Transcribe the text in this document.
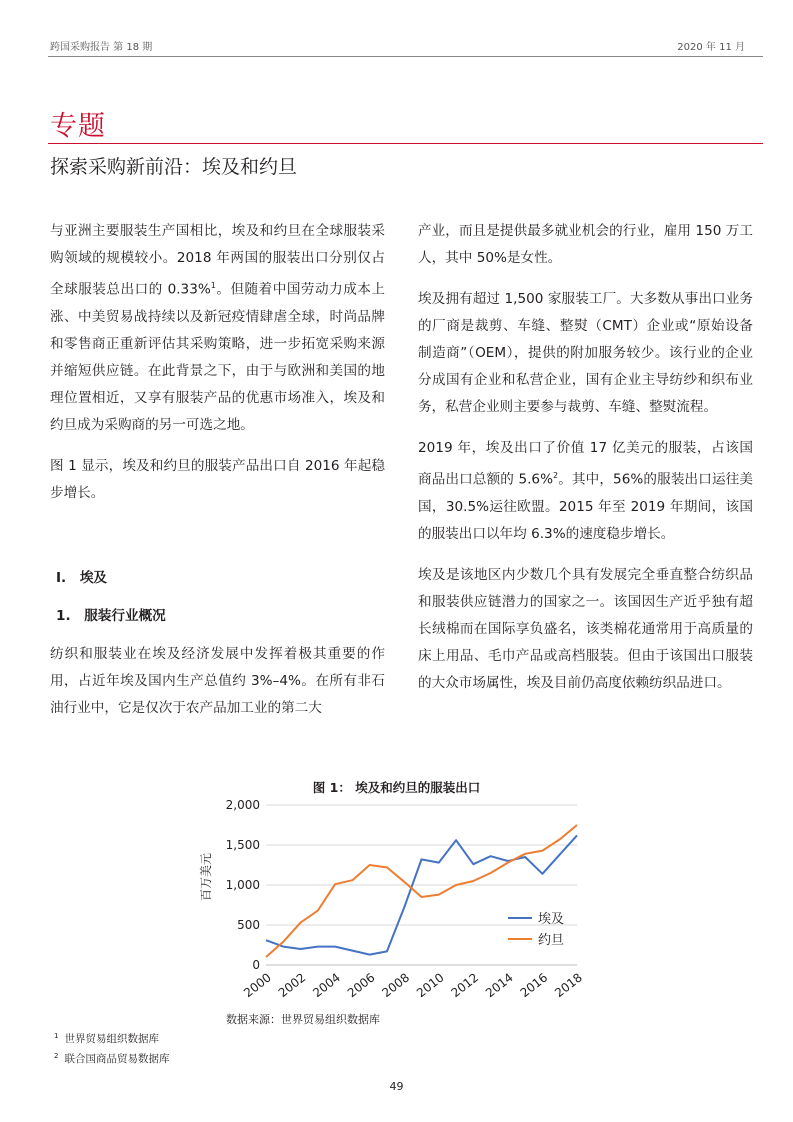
跨国采购报告 第 18 期	2020 年 11 月
专题
探索采购新前沿：埃及和约旦

与亚洲主要服装生产国相比，埃及和约旦在全球服装采购领域的规模较小。2018 年两国的服装出口分别仅占全球服装总出口的 0.33%$^1$。但随着中国劳动力成本上涨、中美贸易战持续以及新冠疫情肆虐全球，时尚品牌和零售商正重新评估其采购策略，进一步拓宽采购来源并缩短供应链。在此背景之下，由于与欧洲和美国的地理位置相近，又享有服装产品的优惠市场准入，埃及和约旦成为采购商的另一可选之地。

图 1 显示，埃及和约旦的服装产品出口自 2016 年起稳步增长。

I.　埃及
1.　服装行业概况

纺织和服装业在埃及经济发展中发挥着极其重要的作用，占近年埃及国内生产总值约 3%–4%。在所有非石油行业中，它是仅次于农产品加工业的第二大

产业，而且是提供最多就业机会的行业，雇用 150 万工人，其中 50%是女性。

埃及拥有超过 1,500 家服装工厂。大多数从事出口业务的厂商是裁剪、车缝、整熨（CMT）企业或“原始设备制造商”（OEM），提供的附加服务较少。该行业的企业分成国有企业和私营企业，国有企业主导纺纱和织布业务，私营企业则主要参与裁剪、车缝、整熨流程。

2019 年，埃及出口了价值 17 亿美元的服装，占该国商品出口总额的 5.6%$^2$。其中，56%的服装出口运往美国，30.5%运往欧盟。2015 年至 2019 年期间，该国的服装出口以年均 6.3%的速度稳步增长。

埃及是该地区内少数几个具有发展完全垂直整合纺织品和服装供应链潜力的国家之一。该国因生产近乎独有超长绒棉而在国际享负盛名，该类棉花通常用于高质量的床上用品、毛巾产品或高档服装。但由于该国出口服装的大众市场属性，埃及目前仍高度依赖纺织品进口。

图 1： 埃及和约旦的服装出口
0
500
1,000
1,500
2,000
2000 2002 2004 2006 2008 2010 2012 2014 2016 2018
埃及
约旦
百万美元
数据来源：世界贸易组织数据库
$^1$ 世界贸易组织数据库
$^2$ 联合国商品贸易数据库
49
